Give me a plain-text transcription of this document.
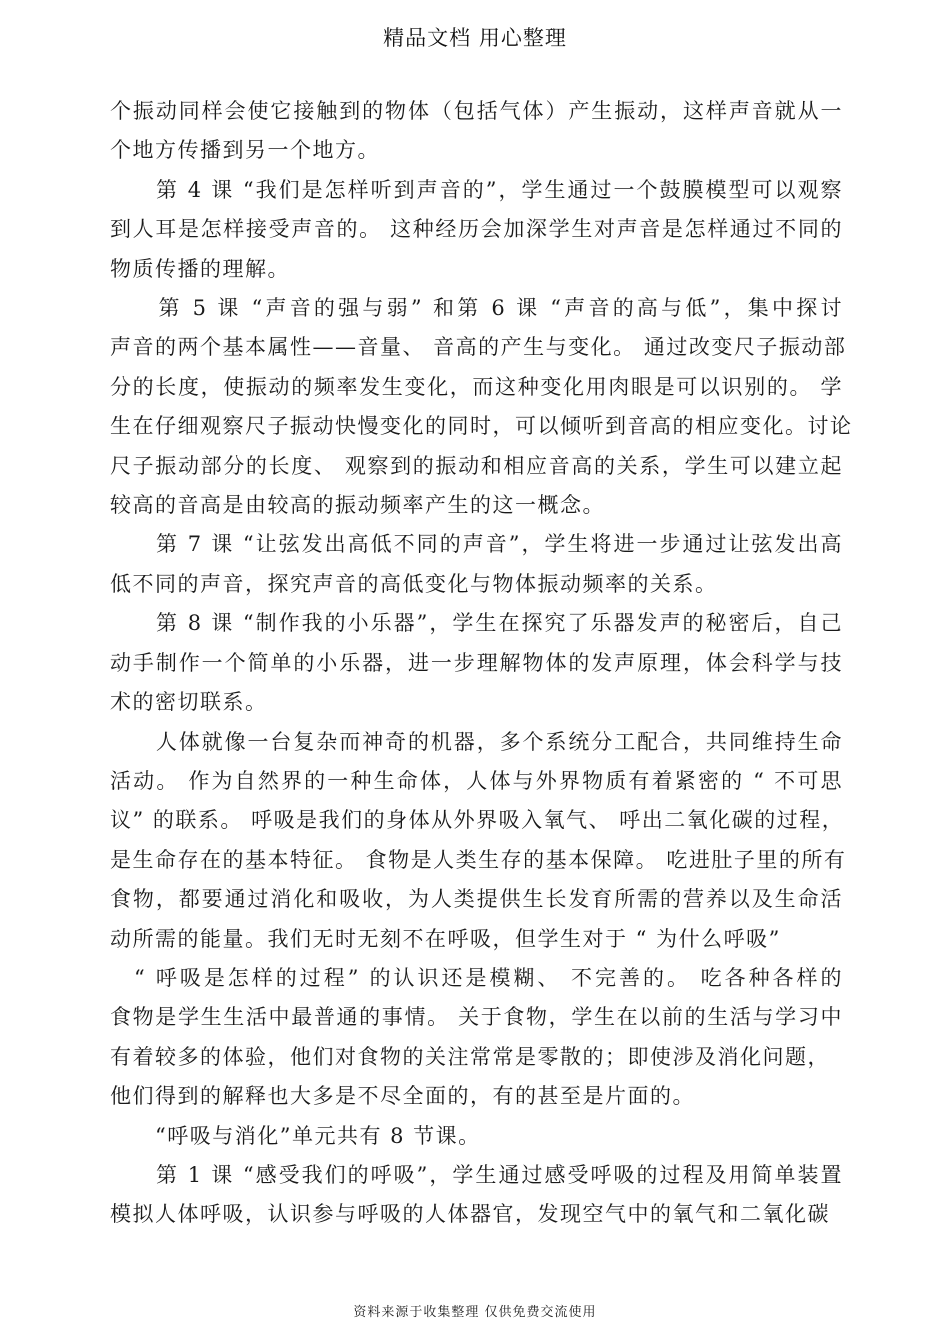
精品文档 用心整理
个振动同样会使它接触到的物体（包括气体）产生振动，这样声音就从一
个地方传播到另一个地方。
　　第 4 课 “我们是怎样听到声音的”，学生通过一个鼓膜模型可以观察
到人耳是怎样接受声音的。 这种经历会加深学生对声音是怎样通过不同的
物质传播的理解。
　　第 5 课 “声音的强与弱” 和第 6 课 “声音的高与低”，集中探讨
声音的两个基本属性——音量、 音高的产生与变化。 通过改变尺子振动部
分的长度，使振动的频率发生变化，而这种变化用肉眼是可以识别的。 学
生在仔细观察尺子振动快慢变化的同时，可以倾听到音高的相应变化。讨论
尺子振动部分的长度、 观察到的振动和相应音高的关系，学生可以建立起
较高的音高是由较高的振动频率产生的这一概念。
　　第 7 课 “让弦发出高低不同的声音”，学生将进一步通过让弦发出高
低不同的声音，探究声音的高低变化与物体振动频率的关系。
　　第 8 课 “制作我的小乐器”，学生在探究了乐器发声的秘密后，自己
动手制作一个简单的小乐器，进一步理解物体的发声原理，体会科学与技
术的密切联系。
　　人体就像一台复杂而神奇的机器，多个系统分工配合，共同维持生命
活动。 作为自然界的一种生命体，人体与外界物质有着紧密的 “ 不可思
议” 的联系。 呼吸是我们的身体从外界吸入氧气、 呼出二氧化碳的过程，
是生命存在的基本特征。 食物是人类生存的基本保障。 吃进肚子里的所有
食物，都要通过消化和吸收，为人类提供生长发育所需的营养以及生命活
动所需的能量。我们无时无刻不在呼吸，但学生对于 “ 为什么呼吸”
　“ 呼吸是怎样的过程” 的认识还是模糊、 不完善的。 吃各种各样的
食物是学生生活中最普通的事情。 关于食物，学生在以前的生活与学习中
有着较多的体验，他们对食物的关注常常是零散的；即使涉及消化问题，
他们得到的解释也大多是不尽全面的，有的甚至是片面的。
　　“呼吸与消化”单元共有 8 节课。
　　第 1 课 “感受我们的呼吸”，学生通过感受呼吸的过程及用简单装置
模拟人体呼吸，认识参与呼吸的人体器官，发现空气中的氧气和二氧化碳
资料来源于收集整理 仅供免费交流使用
